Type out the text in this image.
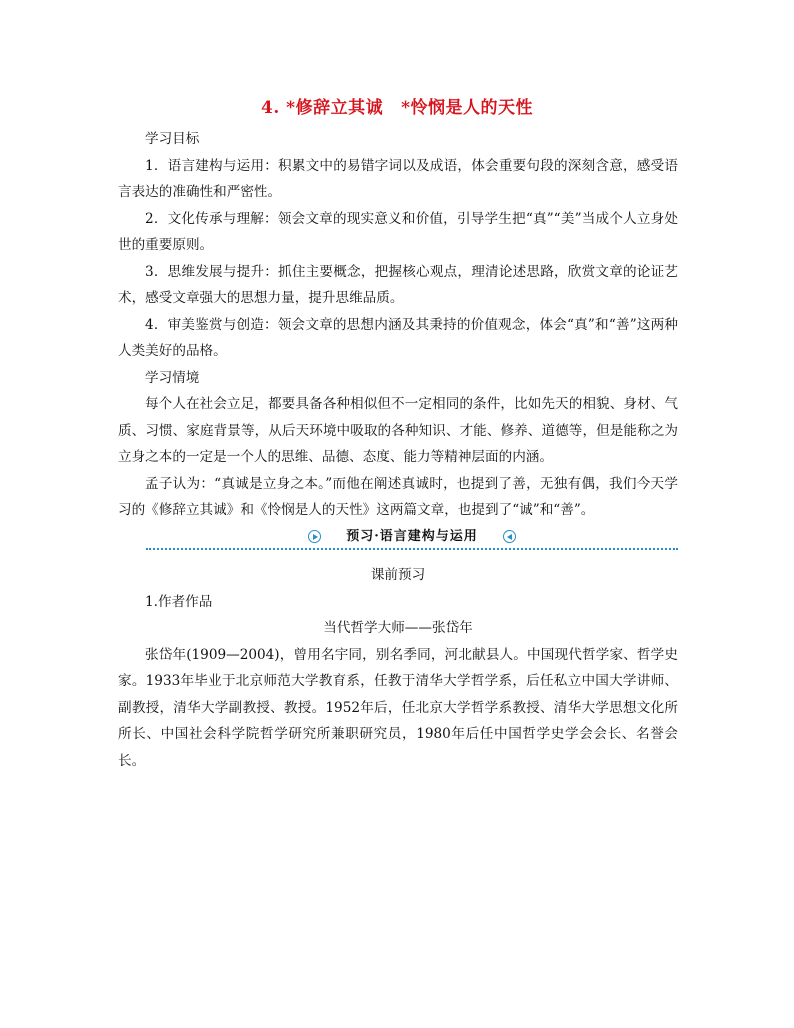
4. *修辞立其诚 *怜悯是人的天性
学习目标

1．语言建构与运用：积累文中的易错字词以及成语，体会重要句段的深刻含意，感受语言表达的准确性和严密性。

2．文化传承与理解：领会文章的现实意义和价值，引导学生把“真”“美”当成个人立身处世的重要原则。

3．思维发展与提升：抓住主要概念，把握核心观点，理清论述思路，欣赏文章的论证艺术，感受文章强大的思想力量，提升思维品质。

4．审美鉴赏与创造：领会文章的思想内涵及其秉持的价值观念，体会“真”和“善”这两种人类美好的品格。

学习情境

每个人在社会立足，都要具备各种相似但不一定相同的条件，比如先天的相貌、身材、气质、习惯、家庭背景等，从后天环境中吸取的各种知识、才能、修养、道德等，但是能称之为立身之本的一定是一个人的思维、品德、态度、能力等精神层面的内涵。

孟子认为：“真诚是立身之本。”而他在阐述真诚时，也提到了善，无独有偶，我们今天学习的《修辞立其诚》和《怜悯是人的天性》这两篇文章，也提到了“诚”和“善”。

预习·语言建构与运用
课前预习
1.作者作品
当代哲学大师——张岱年

张岱年(1909—2004)，曾用名宇同，别名季同，河北献县人。中国现代哲学家、哲学史家。1933年毕业于北京师范大学教育系，任教于清华大学哲学系，后任私立中国大学讲师、副教授，清华大学副教授、教授。1952年后，任北京大学哲学系教授、清华大学思想文化所所长、中国社会科学院哲学研究所兼职研究员，1980年后任中国哲学史学会会长、名誉会长。
